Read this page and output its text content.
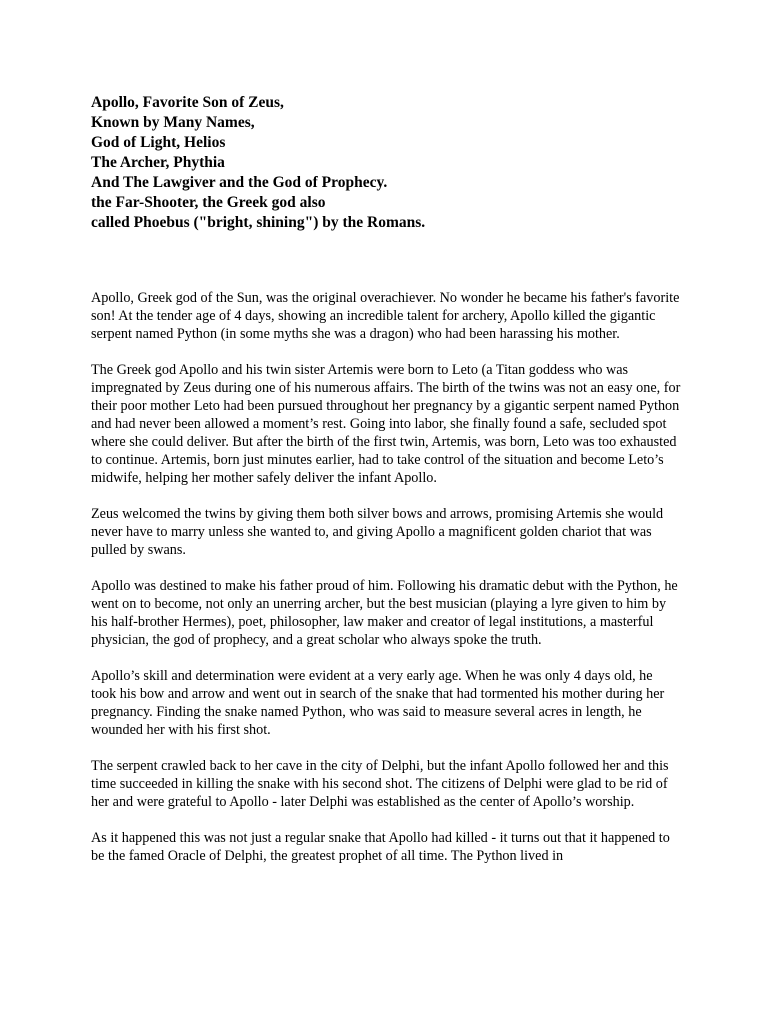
Apollo, Favorite Son of Zeus,
Known by Many Names,
God of Light, Helios
The Archer, Phythia
And The Lawgiver and the God of Prophecy.
the Far-Shooter, the Greek god also
called Phoebus ("bright, shining") by the Romans.

Apollo, Greek god of the Sun, was the original overachiever. No wonder he became his father's favorite son! At the tender age of 4 days, showing an incredible talent for archery, Apollo killed the gigantic serpent named Python (in some myths she was a dragon) who had been harassing his mother.

The Greek god Apollo and his twin sister Artemis were born to Leto (a Titan goddess who was impregnated by Zeus during one of his numerous affairs. The birth of the twins was not an easy one, for their poor mother Leto had been pursued throughout her pregnancy by a gigantic serpent named Python and had never been allowed a moment’s rest. Going into labor, she finally found a safe, secluded spot where she could deliver. But after the birth of the first twin, Artemis, was born, Leto was too exhausted to continue. Artemis, born just minutes earlier, had to take control of the situation and become Leto’s midwife, helping her mother safely deliver the infant Apollo.

Zeus welcomed the twins by giving them both silver bows and arrows, promising Artemis she would never have to marry unless she wanted to, and giving Apollo a magnificent golden chariot that was pulled by swans.

Apollo was destined to make his father proud of him. Following his dramatic debut with the Python, he went on to become, not only an unerring archer, but the best musician (playing a lyre given to him by his half-brother Hermes), poet, philosopher, law maker and creator of legal institutions, a masterful physician, the god of prophecy, and a great scholar who always spoke the truth.

Apollo’s skill and determination were evident at a very early age. When he was only 4 days old, he took his bow and arrow and went out in search of the snake that had tormented his mother during her pregnancy. Finding the snake named Python, who was said to measure several acres in length, he wounded her with his first shot.

The serpent crawled back to her cave in the city of Delphi, but the infant Apollo followed her and this time succeeded in killing the snake with his second shot. The citizens of Delphi were glad to be rid of her and were grateful to Apollo - later Delphi was established as the center of Apollo’s worship.

As it happened this was not just a regular snake that Apollo had killed - it turns out that it happened to be the famed Oracle of Delphi, the greatest prophet of all time. The Python lived in
